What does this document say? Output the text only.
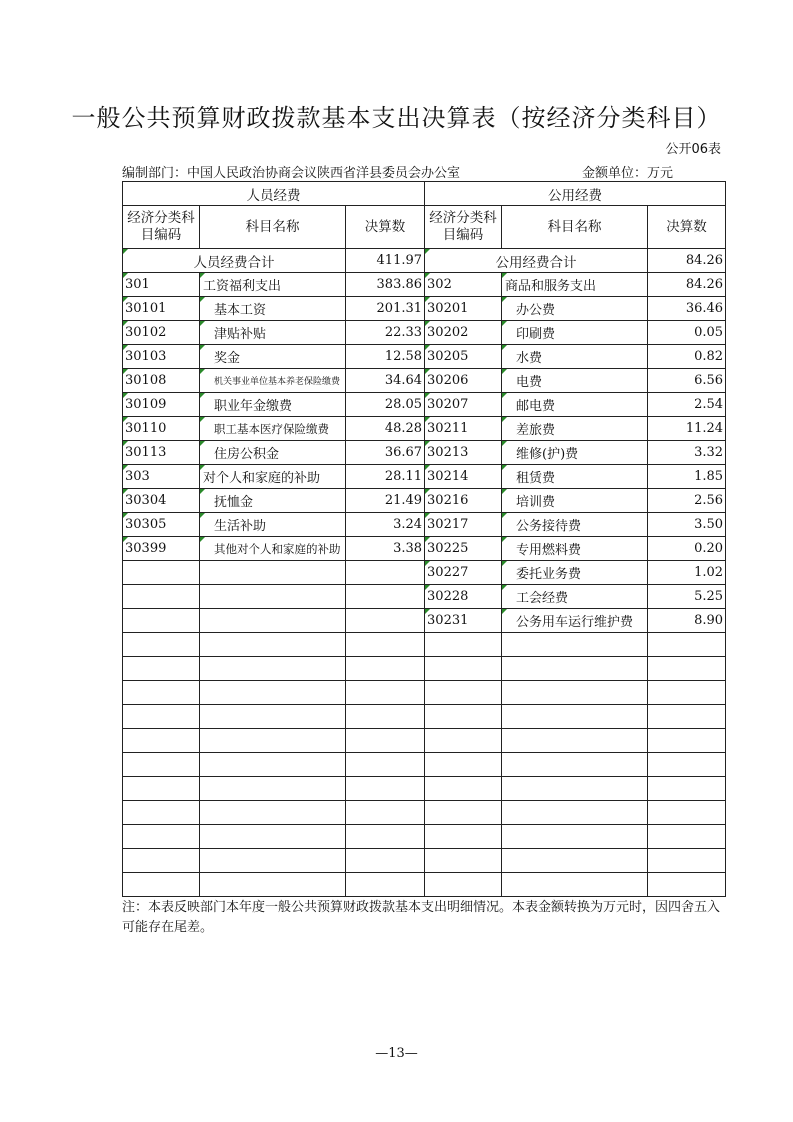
一般公共预算财政拨款基本支出决算表（按经济分类科目）
公开06表
编制部门：中国人民政治协商会议陕西省洋县委员会办公室	金额单位：万元
人员经费			公用经费		
经济分类科目编码	科目名称	决算数	经济分类科目编码	科目名称	决算数
人员经费合计		411.97	公用经费合计		84.26
301	工资福利支出	383.86	302	商品和服务支出	84.26
30101	基本工资	201.31	30201	办公费	36.46
30102	津贴补贴	22.33	30202	印刷费	0.05
30103	奖金	12.58	30205	水费	0.82
30108	机关事业单位基本养老保险缴费	34.64	30206	电费	6.56
30109	职业年金缴费	28.05	30207	邮电费	2.54
30110	职工基本医疗保险缴费	48.28	30211	差旅费	11.24
30113	住房公积金	36.67	30213	维修(护)费	3.32
303	对个人和家庭的补助	28.11	30214	租赁费	1.85
30304	抚恤金	21.49	30216	培训费	2.56
30305	生活补助	3.24	30217	公务接待费	3.50
30399	其他对个人和家庭的补助	3.38	30225	专用燃料费	0.20
			30227	委托业务费	1.02
			30228	工会经费	5.25
			30231	公务用车运行维护费	8.90

注：本表反映部门本年度一般公共预算财政拨款基本支出明细情况。本表金额转换为万元时，因四舍五入可能存在尾差。
—13—
